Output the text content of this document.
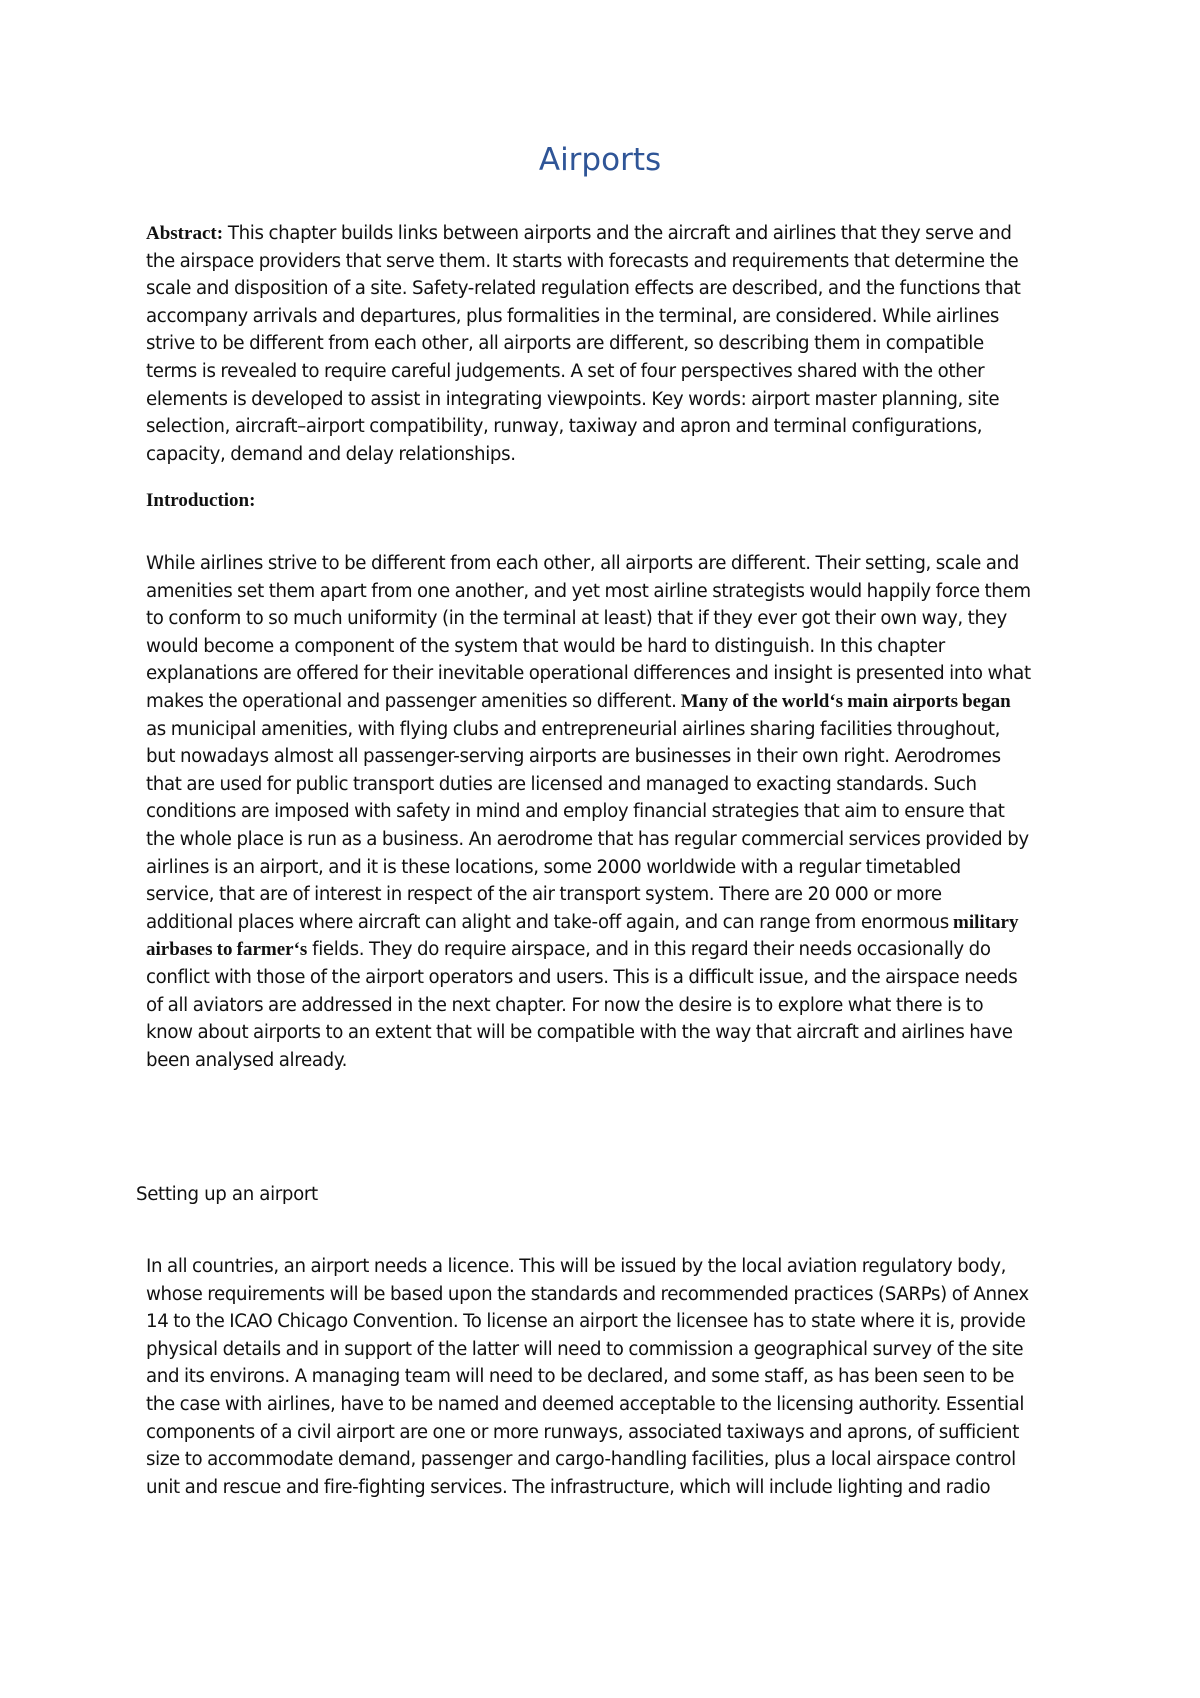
Airports

Abstract: This chapter builds links between airports and the aircraft and airlines that they serve and
the airspace providers that serve them. It starts with forecasts and requirements that determine the
scale and disposition of a site. Safety-related regulation effects are described, and the functions that
accompany arrivals and departures, plus formalities in the terminal, are considered. While airlines
strive to be different from each other, all airports are different, so describing them in compatible
terms is revealed to require careful judgements. A set of four perspectives shared with the other
elements is developed to assist in integrating viewpoints. Key words: airport master planning, site
selection, aircraft–airport compatibility, runway, taxiway and apron and terminal configurations,
capacity, demand and delay relationships.

Introduction:

While airlines strive to be different from each other, all airports are different. Their setting, scale and
amenities set them apart from one another, and yet most airline strategists would happily force them
to conform to so much uniformity (in the terminal at least) that if they ever got their own way, they
would become a component of the system that would be hard to distinguish. In this chapter
explanations are offered for their inevitable operational differences and insight is presented into what
makes the operational and passenger amenities so different. Many of the world‘s main airports began
as municipal amenities, with flying clubs and entrepreneurial airlines sharing facilities throughout,
but nowadays almost all passenger-serving airports are businesses in their own right. Aerodromes
that are used for public transport duties are licensed and managed to exacting standards. Such
conditions are imposed with safety in mind and employ financial strategies that aim to ensure that
the whole place is run as a business. An aerodrome that has regular commercial services provided by
airlines is an airport, and it is these locations, some 2000 worldwide with a regular timetabled
service, that are of interest in respect of the air transport system. There are 20 000 or more
additional places where aircraft can alight and take-off again, and can range from enormous military
airbases to farmer‘s fields. They do require airspace, and in this regard their needs occasionally do
conflict with those of the airport operators and users. This is a difficult issue, and the airspace needs
of all aviators are addressed in the next chapter. For now the desire is to explore what there is to
know about airports to an extent that will be compatible with the way that aircraft and airlines have
been analysed already.

Setting up an airport

In all countries, an airport needs a licence. This will be issued by the local aviation regulatory body,
whose requirements will be based upon the standards and recommended practices (SARPs) of Annex
14 to the ICAO Chicago Convention. To license an airport the licensee has to state where it is, provide
physical details and in support of the latter will need to commission a geographical survey of the site
and its environs. A managing team will need to be declared, and some staff, as has been seen to be
the case with airlines, have to be named and deemed acceptable to the licensing authority. Essential
components of a civil airport are one or more runways, associated taxiways and aprons, of sufficient
size to accommodate demand, passenger and cargo-handling facilities, plus a local airspace control
unit and rescue and fire-fighting services. The infrastructure, which will include lighting and radio
